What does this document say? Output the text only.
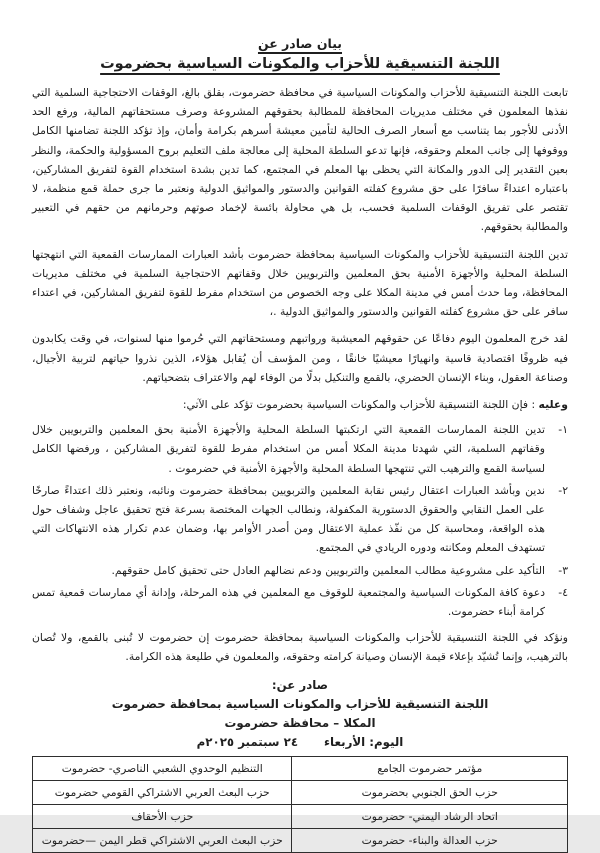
بيان صادر عن
اللجنة التنسيقية للأحزاب والمكونات السياسية بحضرموت

تابعت اللجنة التنسيقية للأحزاب والمكونات السياسية في محافظة حضرموت، بقلق بالغ، الوقفات الاحتجاجية السلمية التي نفذها المعلمون في مختلف مديريات المحافظة للمطالبة بحقوقهم المشروعة وصرف مستحقاتهم المالية، ورفع الحد الأدنى للأجور بما يتناسب مع أسعار الصرف الحالية لتأمين معيشة أسرهم بكرامة وأمان، وإذ تؤكد اللجنة تضامنها الكامل ووقوفها إلى جانب المعلم وحقوقه، فإنها تدعو السلطة المحلية إلى معالجة ملف التعليم بروح المسؤولية والحكمة، والنظر بعين التقدير إلى الدور والمكانة التي يحظى بها المعلم في المجتمع، كما تدين بشدة استخدام القوة لتفريق المشاركين، باعتباره اعتداءً سافرًا على حق مشروع كفلته القوانين والدستور والمواثيق الدولية ونعتبر ما جرى حملة قمع منظمة، لا تقتصر على تفريق الوقفات السلمية فحسب، بل هي محاولة بائسة لإخماد صوتهم وحرمانهم من حقهم في التعبير والمطالبة بحقوقهم.

تدين اللجنة التنسيقية للأحزاب والمكونات السياسية بمحافظة حضرموت بأشد العبارات الممارسات القمعية التي انتهجتها السلطة المحلية والأجهزة الأمنية بحق المعلمين والتربويين خلال وقفاتهم الاحتجاجية السلمية في مختلف مديريات المحافظة، وما حدث أمس في مدينة المكلا على وجه الخصوص من استخدام مفرط للقوة لتفريق المشاركين، في اعتداء سافر على حق مشروع كفلته القوانين والدستور والمواثيق الدولية .،

لقد خرج المعلمون اليوم دفاعًا عن حقوقهم المعيشية ورواتبهم ومستحقاتهم التي حُرموا منها لسنوات، في وقت يكابدون فيه ظروفًا اقتصادية قاسية وانهيارًا معيشيًا خانقًا ، ومن المؤسف أن يُقابل هؤلاء، الذين نذروا حياتهم لتربية الأجيال، وصناعة العقول، وبناء الإنسان الحضري، بالقمع والتنكيل بدلًا من الوفاء لهم والاعتراف بتضحياتهم.

وعليه : فإن اللجنة التنسيقية للأحزاب والمكونات السياسية بحضرموت تؤكد على الآتي:

١-
تدين اللجنة الممارسات القمعية التي ارتكبتها السلطة المحلية والأجهزة الأمنية بحق المعلمين والتربويين خلال وقفاتهم السلمية، التي شهدتا مدينة المكلا أمس من استخدام مفرط للقوة لتفريق المشاركين ، ورفضها الكامل لسياسة القمع والترهيب التي تنتهجها السلطة المحلية والأجهزة الأمنية في حضرموت .
٢-
ندين وبأشد العبارات اعتقال رئيس نقابة المعلمين والتربويين بمحافظة حضرموت ونائبه، ونعتبر ذلك اعتداءً صارخًا على العمل النقابي والحقوق الدستورية المكفولة، ونطالب الجهات المختصة بسرعة فتح تحقيق عاجل وشفاف حول هذه الواقعة، ومحاسبة كل من نفّذ عملية الاعتقال ومن أصدر الأوامر بها، وضمان عدم تكرار هذه الانتهاكات التي تستهدف المعلم ومكانته ودوره الريادي في المجتمع.
٣-
التأكيد على مشروعية مطالب المعلمين والتربويين ودعم نضالهم العادل حتى تحقيق كامل حقوقهم.
٤-
دعوة كافة المكونات السياسية والمجتمعية للوقوف مع المعلمين في هذه المرحلة، وإدانة أي ممارسات قمعية تمس كرامة أبناء حضرموت.

ونؤكد في اللجنة التنسيقية للأحزاب والمكونات السياسية بمحافظة حضرموت إن حضرموت لا تُبنى بالقمع، ولا تُصان بالترهيب، وإنما تُشيّد بإعلاء قيمة الإنسان وصيانة كرامته وحقوقه، والمعلمون في طليعة هذه الكرامة.

صادر عن:
اللجنة التنسيقية للأحزاب والمكونات السياسية بمحافظة حضرموت
المكلا – محافظة حضرموت
اليوم: الأربعاء
٢٤ سبتمبر ٢٠٢٥م
مؤتمر حضرموت الجامع	التنظيم الوحدوي الشعبي الناصري- حضرموت
حزب الحق الجنوبي بحضرموت	حزب البعث العربي الاشتراكي القومي حضرموت
اتحاد الرشاد اليمني- حضرموت	حزب الأحقاف
حزب العدالة والبناء- حضرموت	حزب البعث العربي الاشتراكي قطر اليمن —حضرموت
